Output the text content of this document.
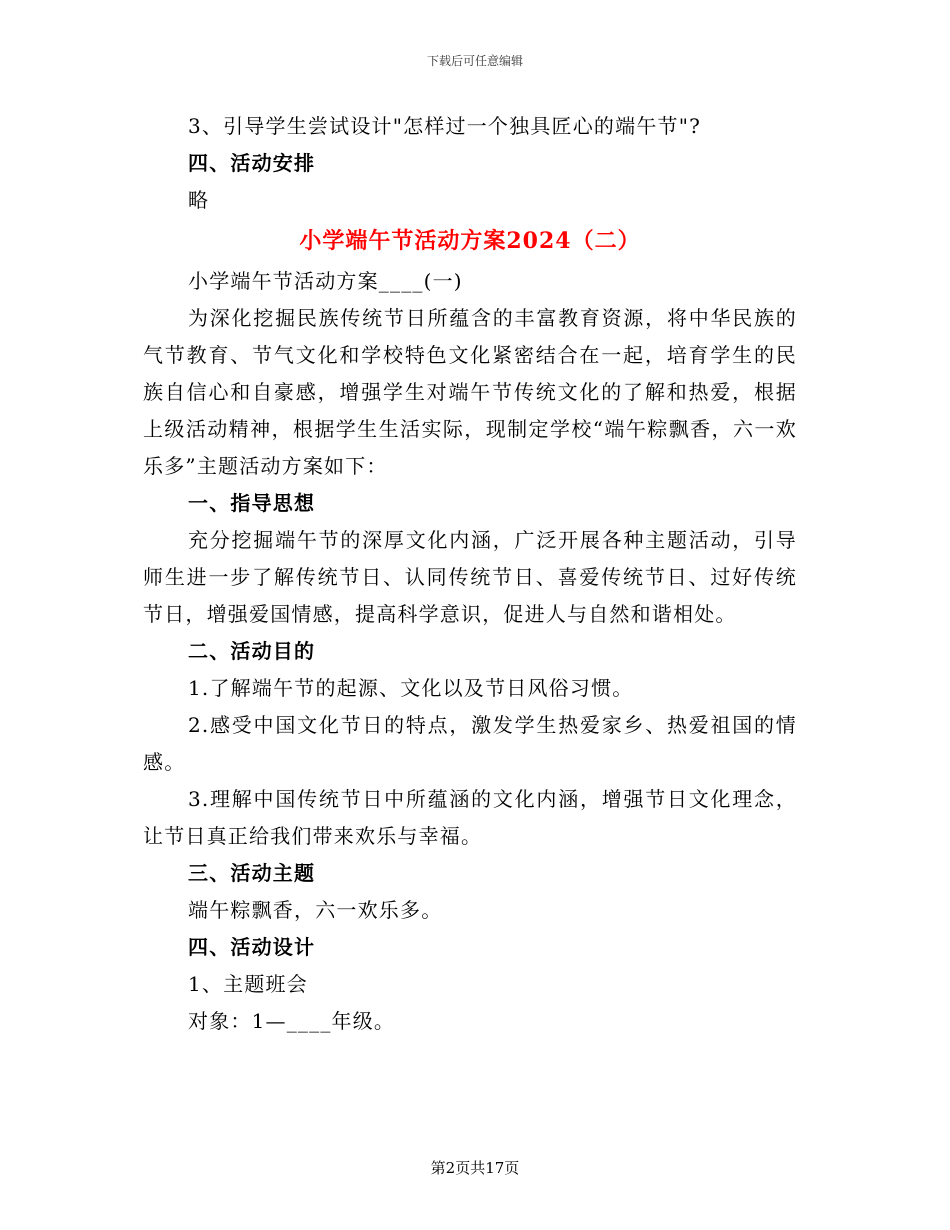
下载后可任意编辑
3、引导学生尝试设计"怎样过一个独具匠心的端午节"?
四、活动安排
略
小学端午节活动方案2024（二）
小学端午节活动方案____(一)
为深化挖掘民族传统节日所蕴含的丰富教育资源，将中华民族的气节教育、节气文化和学校特色文化紧密结合在一起，培育学生的民族自信心和自豪感，增强学生对端午节传统文化的了解和热爱，根据上级活动精神，根据学生生活实际，现制定学校“端午粽飘香，六一欢乐多”主题活动方案如下：
一、指导思想
充分挖掘端午节的深厚文化内涵，广泛开展各种主题活动，引导师生进一步了解传统节日、认同传统节日、喜爱传统节日、过好传统节日，增强爱国情感，提高科学意识，促进人与自然和谐相处。
二、活动目的
1.了解端午节的起源、文化以及节日风俗习惯。
2.感受中国文化节日的特点，激发学生热爱家乡、热爱祖国的情感。
3.理解中国传统节日中所蕴涵的文化内涵，增强节日文化理念，让节日真正给我们带来欢乐与幸福。
三、活动主题
端午粽飘香，六一欢乐多。
四、活动设计
1、主题班会
对象：1—____年级。
第2页共17页
